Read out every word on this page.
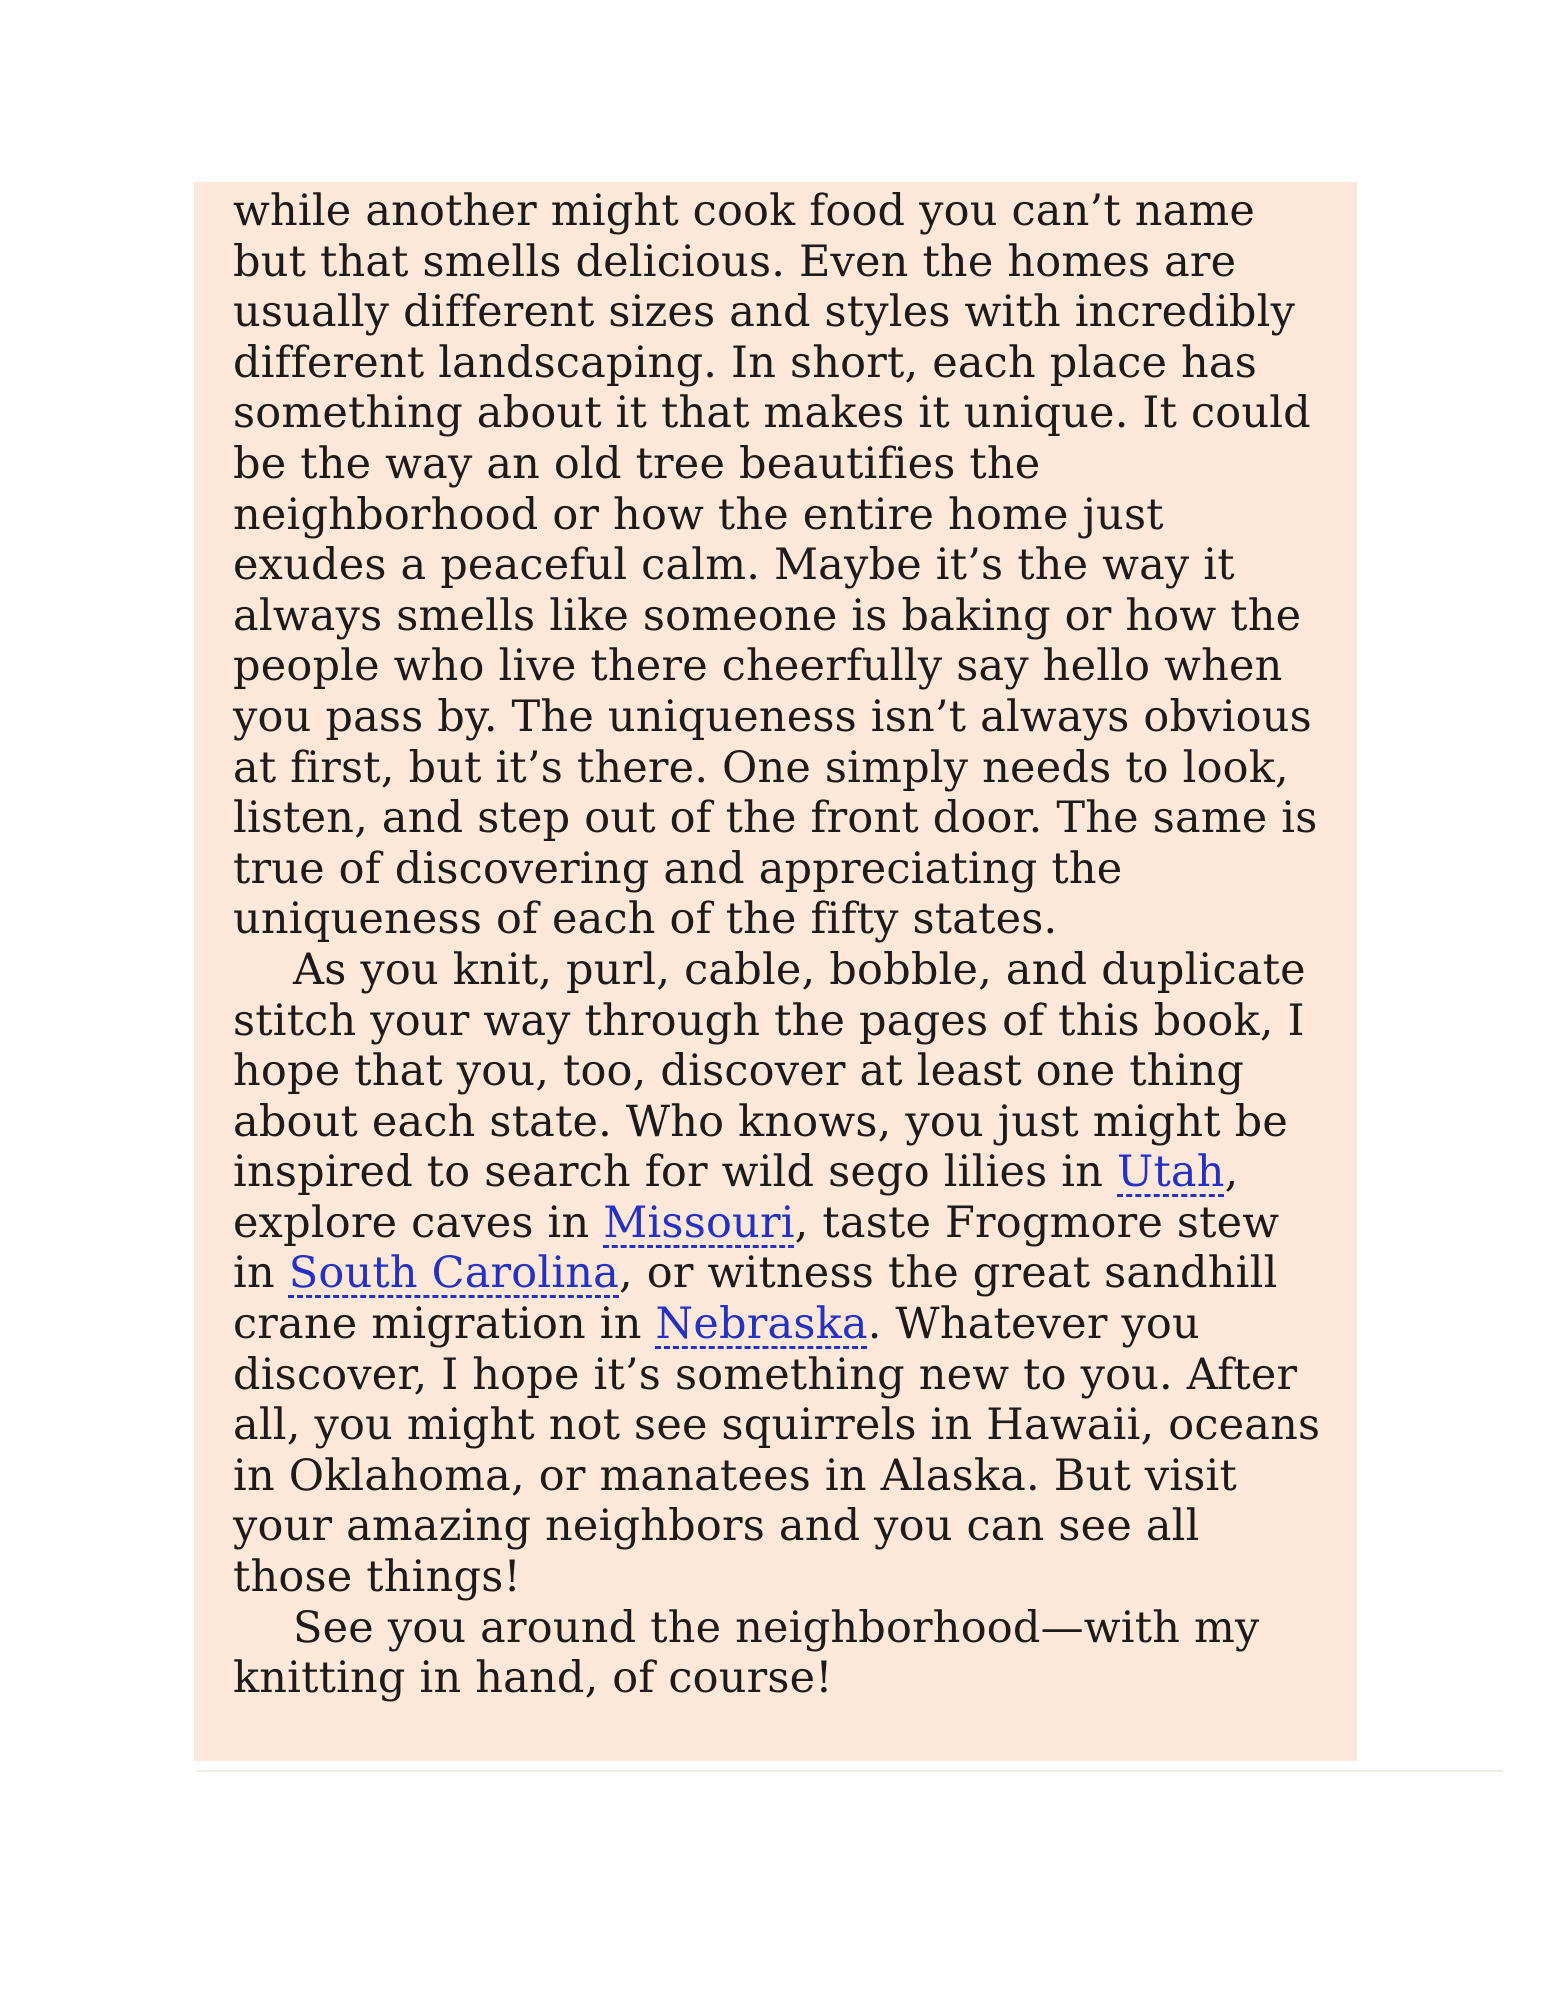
while another might cook food you can’t name
but that smells delicious. Even the homes are
usually different sizes and styles with incredibly
different landscaping. In short, each place has
something about it that makes it unique. It could
be the way an old tree beautifies the
neighborhood or how the entire home just
exudes a peaceful calm. Maybe it’s the way it
always smells like someone is baking or how the
people who live there cheerfully say hello when
you pass by. The uniqueness isn’t always obvious
at first, but it’s there. One simply needs to look,
listen, and step out of the front door. The same is
true of discovering and appreciating the
uniqueness of each of the fifty states.
As you knit, purl, cable, bobble, and duplicate
stitch your way through the pages of this book, I
hope that you, too, discover at least one thing
about each state. Who knows, you just might be
inspired to search for wild sego lilies in Utah,
explore caves in Missouri, taste Frogmore stew
in South Carolina, or witness the great sandhill
crane migration in Nebraska. Whatever you
discover, I hope it’s something new to you. After
all, you might not see squirrels in Hawaii, oceans
in Oklahoma, or manatees in Alaska. But visit
your amazing neighbors and you can see all
those things!
See you around the neighborhood—with my
knitting in hand, of course!
